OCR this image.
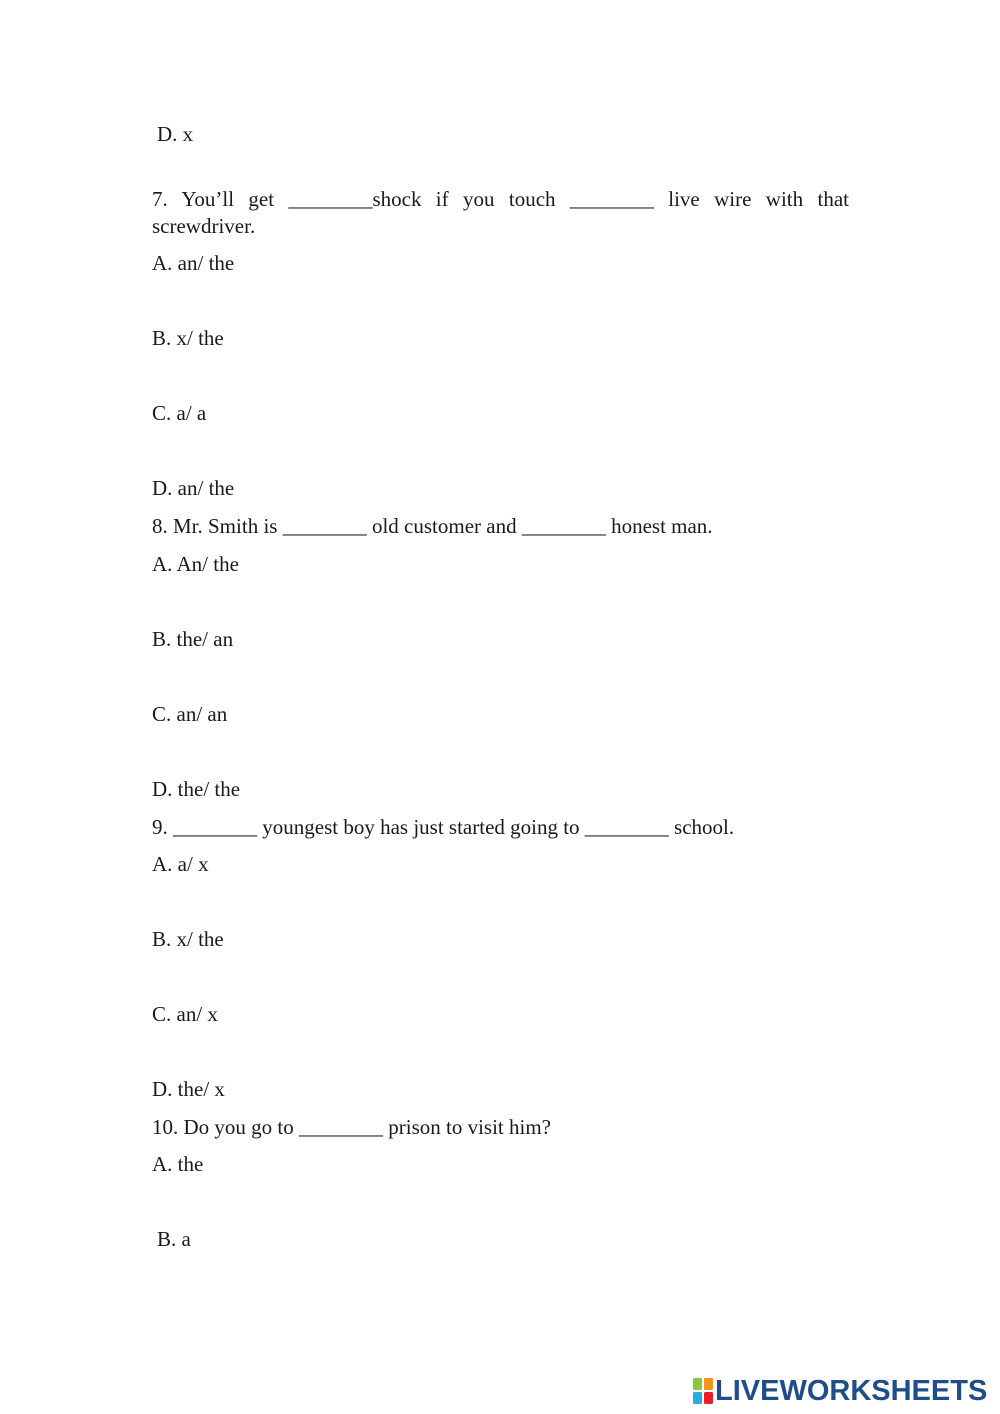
D. x
7. You’ll get ________shock if you touch ________ live wire with that screwdriver.
A. an/ the
B. x/ the
C. a/ a
D. an/ the
8. Mr. Smith is ________ old customer and ________ honest man.
A. An/ the
B. the/ an
C. an/ an
D. the/ the
9. ________ youngest boy has just started going to ________ school.
A. a/ x
B. x/ the
C. an/ x
D. the/ x
10. Do you go to ________ prison to visit him?
A. the
B. a
LIVEWORKSHEETS
